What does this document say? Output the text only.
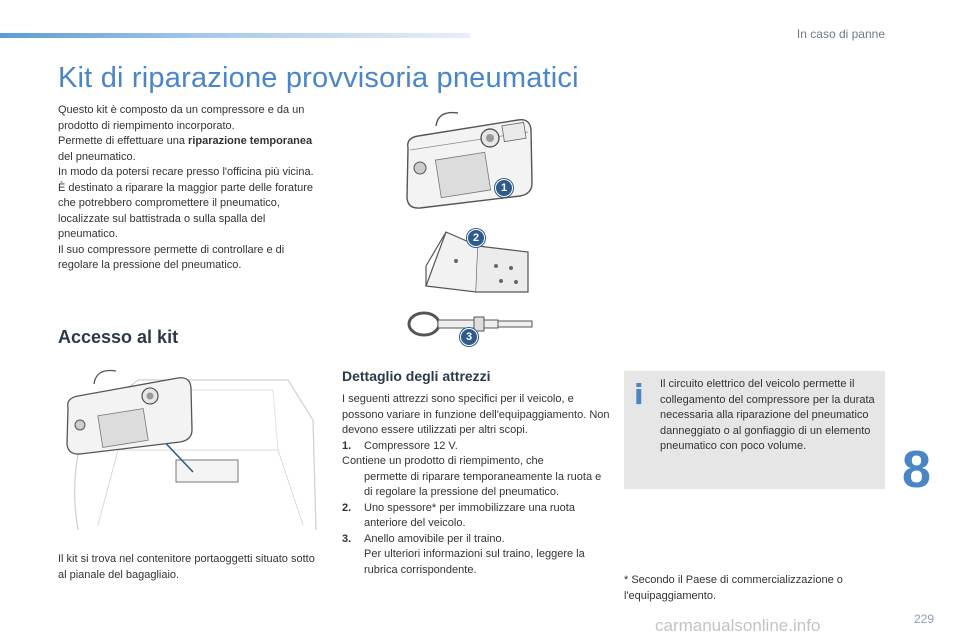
In caso di panne
Kit di riparazione provvisoria pneumatici

Questo kit è composto da un compressore e da un prodotto di riempimento incorporato.

Permette di effettuare una riparazione temporanea del pneumatico.

In modo da potersi recare presso l'officina più vicina.

È destinato a riparare la maggior parte delle forature che potrebbero compromettere il pneumatico, localizzate sul battistrada o sulla spalla del pneumatico.

Il suo compressore permette di controllare e di regolare la pressione del pneumatico.

1
2
3
Accesso al kit
Il kit si trova nel contenitore portaoggetti situato sotto al pianale del bagagliaio.
Dettaglio degli attrezzi
I seguenti attrezzi sono specifici per il veicolo, e possono variare in funzione dell'equipaggiamento. Non devono essere utilizzati per altri scopi.
1.	Compressore 12 V.
Contiene un prodotto di riempimento, che
permette di riparare temporaneamente la ruota e di regolare la pressione del pneumatico.
2.	Uno spessore* per immobilizzare una ruota anteriore del veicolo.
3.	Anello amovibile per il traino.
Per ulteriori informazioni sul traino, leggere la rubrica corrispondente.
i Il circuito elettrico del veicolo permette il collegamento del compressore per la durata necessaria alla riparazione del pneumatico danneggiato o al gonfiaggio di un elemento pneumatico con poco volume.
* Secondo il Paese di commercializzazione o l'equipaggiamento.
8
229
carmanualsonline.info
